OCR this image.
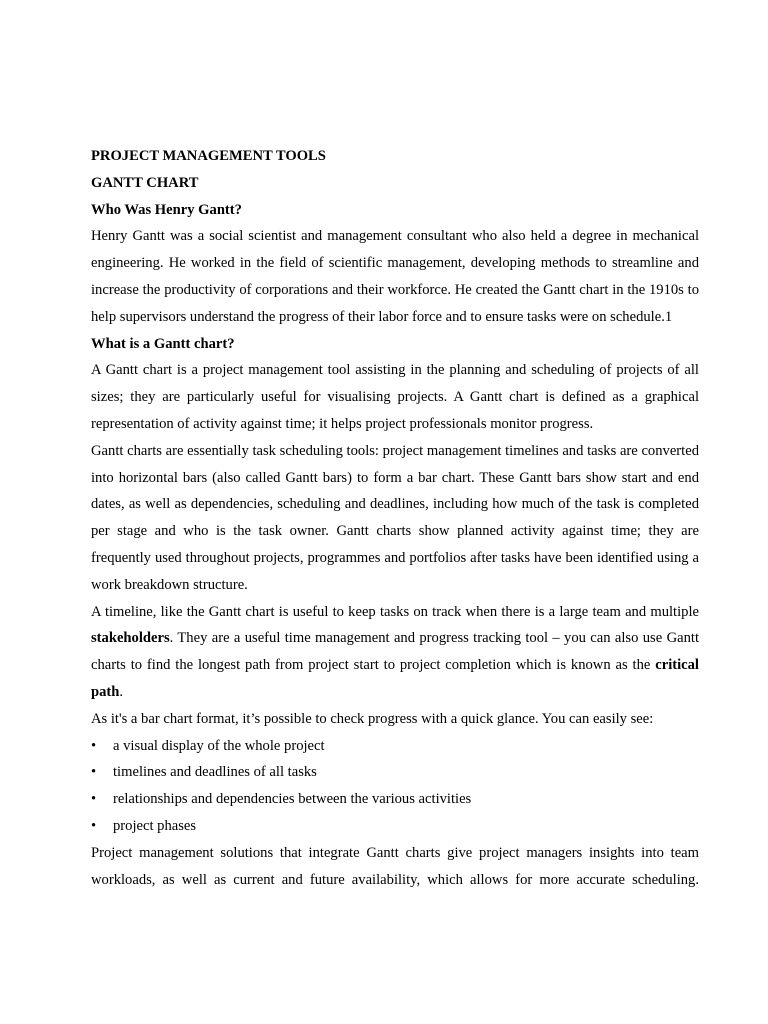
PROJECT MANAGEMENT TOOLS

GANTT CHART

Who Was Henry Gantt?

Henry Gantt was a social scientist and management consultant who also held a degree in mechanical engineering. He worked in the field of scientific management, developing methods to streamline and increase the productivity of corporations and their workforce. He created the Gantt chart in the 1910s to help supervisors understand the progress of their labor force and to ensure tasks were on schedule.1

What is a Gantt chart?

A Gantt chart is a project management tool assisting in the planning and scheduling of projects of all sizes; they are particularly useful for visualising projects. A Gantt chart is defined as a graphical representation of activity against time; it helps project professionals monitor progress.

Gantt charts are essentially task scheduling tools: project management timelines and tasks are converted into horizontal bars (also called Gantt bars) to form a bar chart. These Gantt bars show start and end dates, as well as dependencies, scheduling and deadlines, including how much of the task is completed per stage and who is the task owner. Gantt charts show planned activity against time; they are frequently used throughout projects, programmes and portfolios after tasks have been identified using a work breakdown structure.

A timeline, like the Gantt chart is useful to keep tasks on track when there is a large team and multiple stakeholders. They are a useful time management and progress tracking tool – you can also use Gantt charts to find the longest path from project start to project completion which is known as the critical path.

As it's a bar chart format, it’s possible to check progress with a quick glance. You can easily see:

•	a visual display of the whole project
•	timelines and deadlines of all tasks
•	relationships and dependencies between the various activities
•	project phases

Project management solutions that integrate Gantt charts give project managers insights into team workloads, as well as current and future availability, which allows for more accurate scheduling.
